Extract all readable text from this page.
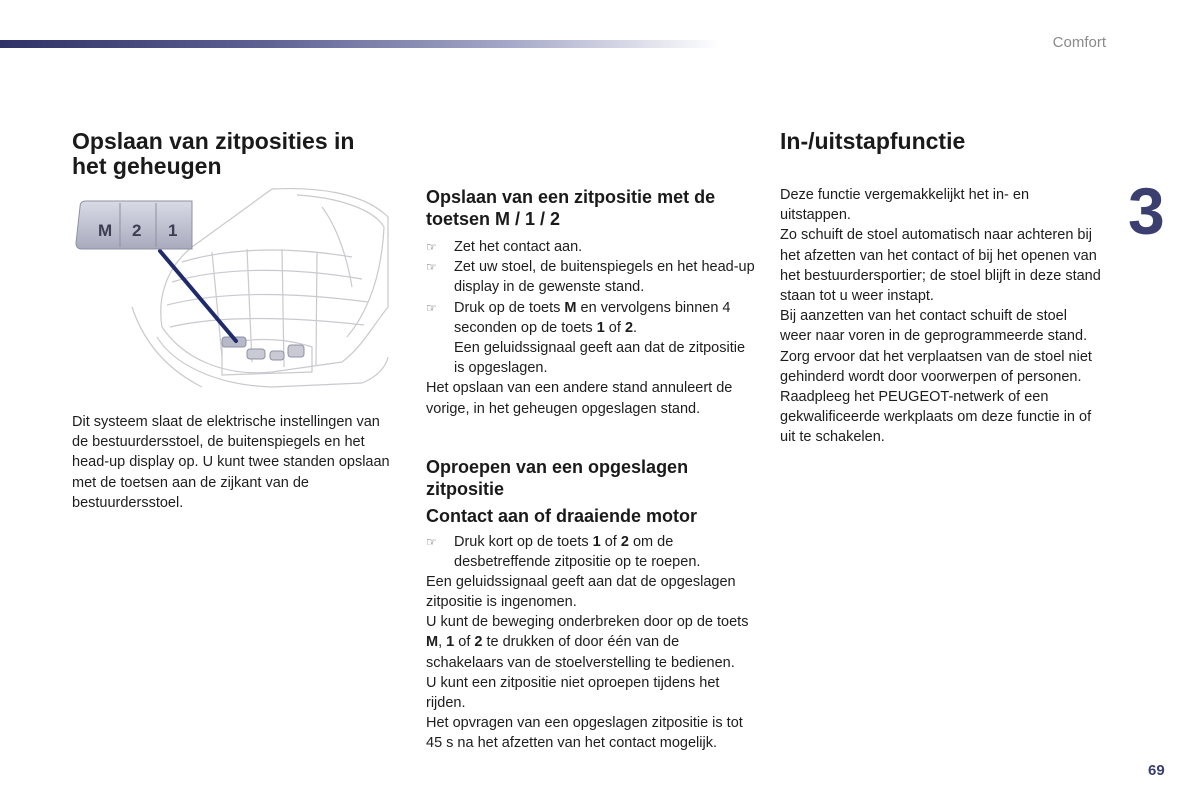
Comfort
3
69
Opslaan van zitposities in het geheugen
M 2 1

Dit systeem slaat de elektrische instellingen van de bestuurdersstoel, de buitenspiegels en het head-up display op. U kunt twee standen opslaan met de toetsen aan de zijkant van de bestuurdersstoel.

Opslaan van een zitpositie met de toetsen M / 1 / 2

☞ Zet het contact aan.

☞ Zet uw stoel, de buitenspiegels en het head-up display in de gewenste stand.

☞ Druk op de toets M en vervolgens binnen 4 seconden op de toets 1 of 2.
Een geluidssignaal geeft aan dat de zitpositie is opgeslagen.

Het opslaan van een andere stand annuleert de vorige, in het geheugen opgeslagen stand.

Oproepen van een opgeslagen zitpositie
Contact aan of draaiende motor

☞ Druk kort op de toets 1 of 2 om de desbetreffende zitpositie op te roepen.

Een geluidssignaal geeft aan dat de opgeslagen zitpositie is ingenomen.

U kunt de beweging onderbreken door op de toets M, 1 of 2 te drukken of door één van de schakelaars van de stoelverstelling te bedienen.

U kunt een zitpositie niet oproepen tijdens het rijden.

Het opvragen van een opgeslagen zitpositie is tot 45 s na het afzetten van het contact mogelijk.

In-/uitstapfunctie

Deze functie vergemakkelijkt het in- en uitstappen.

Zo schuift de stoel automatisch naar achteren bij het afzetten van het contact of bij het openen van het bestuurdersportier; de stoel blijft in deze stand staan tot u weer instapt.

Bij aanzetten van het contact schuift de stoel weer naar voren in de geprogrammeerde stand.

Zorg ervoor dat het verplaatsen van de stoel niet gehinderd wordt door voorwerpen of personen.

Raadpleeg het PEUGEOT-netwerk of een gekwalificeerde werkplaats om deze functie in of uit te schakelen.
